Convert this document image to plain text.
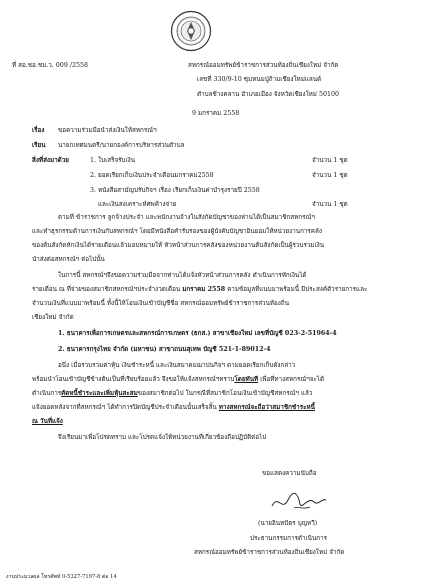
ที่ สอ.ชอ.ชม.ว. 009 /2558	สหกรณ์ออมทรัพย์ข้าราชการส่วนท้องถิ่นเชียงใหม่ จำกัด
เลขที่ 330/9-10 ซุมหนมปู่ถ้ามเชียงใหม่แลนด์
ตำบลช้างคลาน อำเภอเมือง จังหวัดเชียงใหม่ 50100
9 มกราคม 2558
เรื่อง ขอความร่วมมือนำส่งเงินให้สหกรณ์ฯ
เรียน นายกเทศมนตรี/นายกองค์การบริหารส่วนตำบล
สิ่งที่ส่งมาด้วย	1. ใบเสร็จรับเงิน	จำนวน 1 ชุด
2. ยอดเรียกเก็บเงินประจำเดือนมกราคม2558	จำนวน 1 ชุด
3. หนังสือสามัญปรับกิจฯ เรื่อง เรียกเก็บเงินค่าบำรุงรายปี 2558
และเงินสงเคราะห์ศพค้างจ่าย	จำนวน 1 ชุด
ตามที่ ข้าราชการ ลูกจ้างประจำ และพนักงานจ้างในสังกัดบัญชาของท่านได้เป็นสมาชิกสหกรณ์ฯ
และทำธุรกรรมด้านการเงินกับสหกรณ์ฯ โดยมีหนังสือคำรับรองของผู้บังคับบัญชายินยอมให้หน่วยงานการคลัง
ของต้นสังกัดหักเงินได้รายเดือนแล้วมอบหมายให้ หัวหน้าส่วนการคลังของหน่วยงานต้นสังกัดเป็นผู้รวบรวมเงิน
นำส่งต่อสหกรณ์ฯ ต่อไปนั้น
ในการนี้ สหกรณ์ฯจึงขอความร่วมมือจากท่านได้แจ้งหัวหน้าส่วนการคลัง ดำเนินการหักเงินได้
รายเดือน ณ ที่จ่ายของสมาชิกสหกรณ์ฯประจำงวดเดือน มกราคม 2558 ตามข้อมูลที่แนบมาพร้อมนี้ มีประสงค์ตัวรายการและ
จำนวนเงินที่แนบมาพร้อมนี้ ทั้งนี้ให้โอนเงินเข้าบัญชีชื่อ สหกรณ์ออมทรัพย์ข้าราชการส่วนท้องถิ่น
เชียงใหม่ จำกัด
1. ธนาคารเพื่อการเกษตรและสหกรณ์การเกษตร (ธกส.) สาขาเชียงใหม่ เลขที่บัญชี 023-2-51964-4
2. ธนาคารกรุงไทย จำกัด (มหาชน) สาขาถนนสุเทพ บัญชี 521-1-89012-4
อนึ่ง เมื่อรวบรวมค่าหุ้น เงินชำระหนี้ และเงินสมาคมฌาปนกิจฯ ตามยอดเรียกเก็บดังกล่าว
พร้อมนำโอนเข้าบัญชีข้างต้นเป็นที่เรียบร้อยแล้ว จึงขอให้แจ้งสหกรณ์ฯทราบโดยทันที เพื่อที่ทางสหกรณ์ฯจะได้
ดำเนินการตัดหนี้ชำระและเพิ่มหุ้นสะสมของสมาชิกต่อไป ในกรณีที่สมาชิกโอนเงินเข้าบัญชีสหกรณ์ฯ แล้ว
แจ้งยอดหลังจากที่สหกรณ์ฯ ได้ทำการปิดบัญชีประจำเดือนนั้นเสร็จสิ้น ทางสหกรณ์จะถือว่าสมาชิกชำระหนี้
ณ วันที่แจ้ง
จึงเรียนมาเพื่อโปรดทราบ และโปรดแจ้งให้หน่วยงานที่เกี่ยวข้องถือปฏิบัติต่อไป
ขอแสดงความนับถือ
(นายอินทปัตร บุญทวี)
ประธานกรรมการดำเนินการ
สหกรณ์ออมทรัพย์ข้าราชการส่วนท้องถิ่นเชียงใหม่ จำกัด
งานประมวลผล โทรศัพท์ 0-5327-7197-8 ต่อ 14
